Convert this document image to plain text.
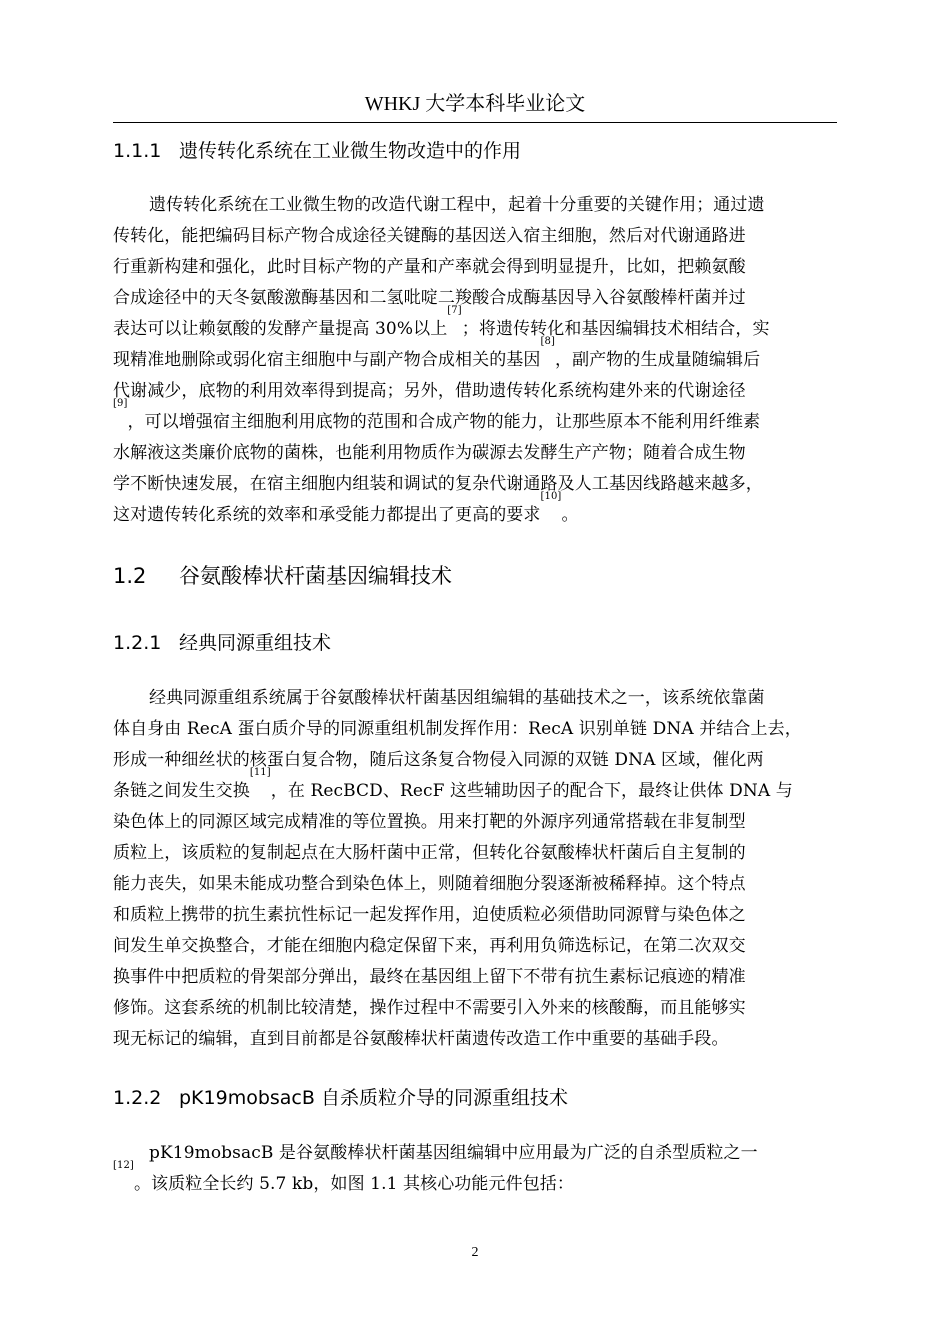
WHKJ 大学本科毕业论文
1.1.1 遗传转化系统在工业微生物改造中的作用
遗传转化系统在工业微生物的改造代谢工程中，起着十分重要的关键作用；通过遗
传转化，能把编码目标产物合成途径关键酶的基因送入宿主细胞，然后对代谢通路进
行重新构建和强化，此时目标产物的产量和产率就会得到明显提升，比如，把赖氨酸
合成途径中的天冬氨酸激酶基因和二氢吡啶二羧酸合成酶基因导入谷氨酸棒杆菌并过
表达可以让赖氨酸的发酵产量提高 30%以上[7]；将遗传转化和基因编辑技术相结合，实
现精准地删除或弱化宿主细胞中与副产物合成相关的基因[8]，副产物的生成量随编辑后
代谢减少，底物的利用效率得到提高；另外，借助遗传转化系统构建外来的代谢途径
[9]，可以增强宿主细胞利用底物的范围和合成产物的能力，让那些原本不能利用纤维素
水解液这类廉价底物的菌株，也能利用物质作为碳源去发酵生产产物；随着合成生物
学不断快速发展，在宿主细胞内组装和调试的复杂代谢通路及人工基因线路越来越多，
这对遗传转化系统的效率和承受能力都提出了更高的要求[10]。
1.2 谷氨酸棒状杆菌基因编辑技术
1.2.1 经典同源重组技术
经典同源重组系统属于谷氨酸棒状杆菌基因组编辑的基础技术之一，该系统依靠菌
体自身由 RecA 蛋白质介导的同源重组机制发挥作用：RecA 识别单链 DNA 并结合上去，
形成一种细丝状的核蛋白复合物，随后这条复合物侵入同源的双链 DNA 区域，催化两
条链之间发生交换[11]，在 RecBCD、RecF 这些辅助因子的配合下，最终让供体 DNA 与
染色体上的同源区域完成精准的等位置换。用来打靶的外源序列通常搭载在非复制型
质粒上，该质粒的复制起点在大肠杆菌中正常，但转化谷氨酸棒状杆菌后自主复制的
能力丧失，如果未能成功整合到染色体上，则随着细胞分裂逐渐被稀释掉。这个特点
和质粒上携带的抗生素抗性标记一起发挥作用，迫使质粒必须借助同源臂与染色体之
间发生单交换整合，才能在细胞内稳定保留下来，再利用负筛选标记，在第二次双交
换事件中把质粒的骨架部分弹出，最终在基因组上留下不带有抗生素标记痕迹的精准
修饰。这套系统的机制比较清楚，操作过程中不需要引入外来的核酸酶，而且能够实
现无标记的编辑，直到目前都是谷氨酸棒状杆菌遗传改造工作中重要的基础手段。
1.2.2 pK19mobsacB 自杀质粒介导的同源重组技术
pK19mobsacB 是谷氨酸棒状杆菌基因组编辑中应用最为广泛的自杀型质粒之一
[12]。该质粒全长约 5.7 kb，如图 1.1 其核心功能元件包括：
2
